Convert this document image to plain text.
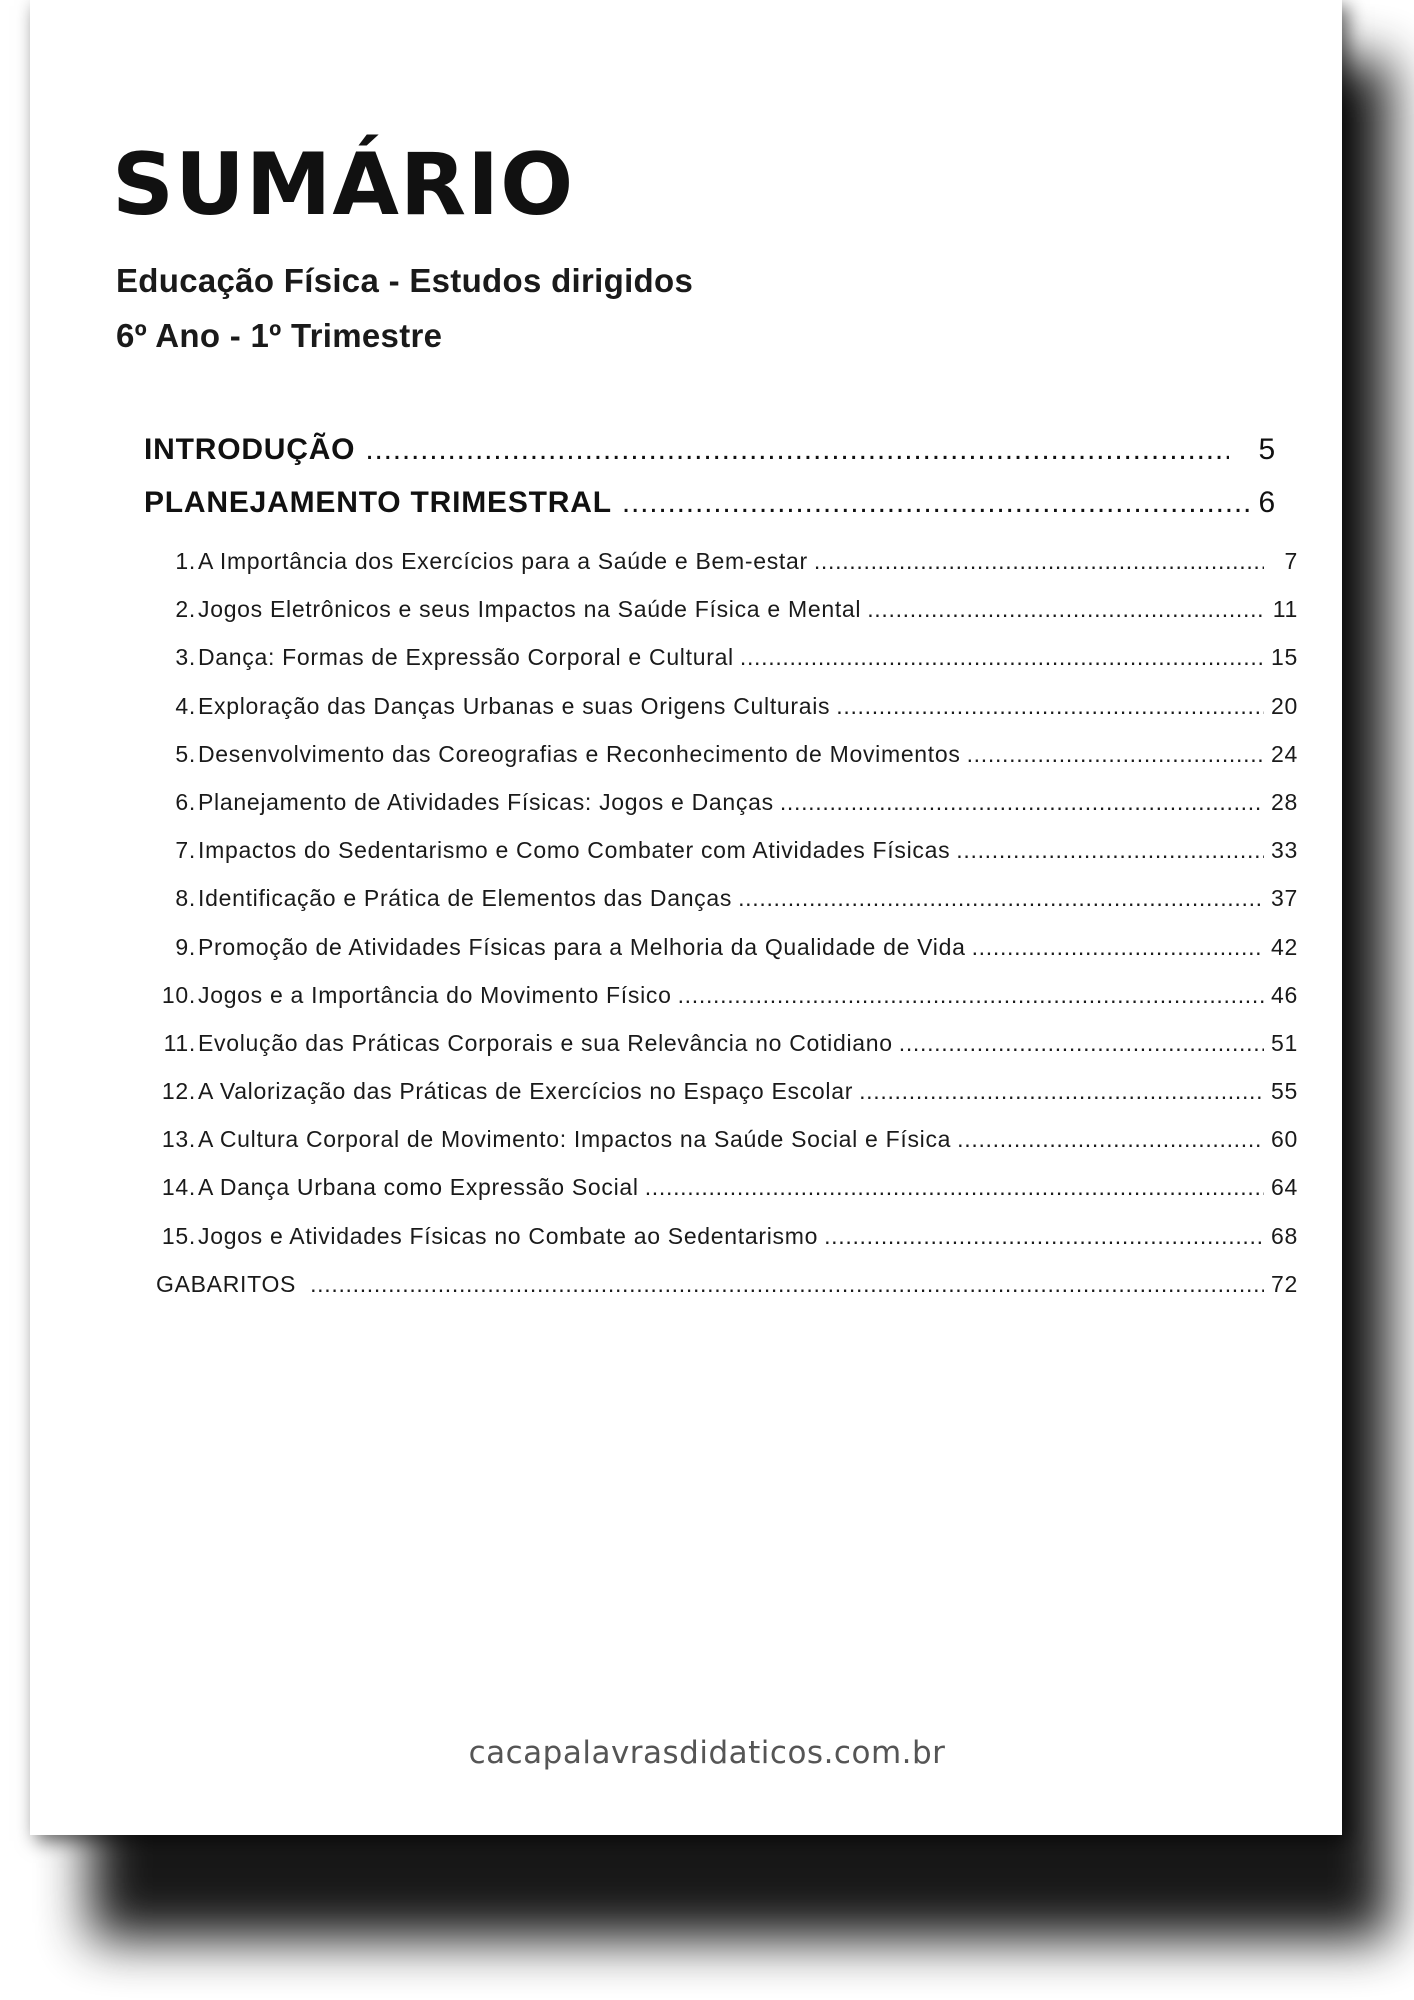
SUMÁRIO
Educação Física - Estudos dirigidos
6º Ano - 1º Trimestre
INTRODUÇÃO .....	5
PLANEJAMENTO TRIMESTRAL .....	6
1. A Importância dos Exercícios para a Saúde e Bem-estar .....	7
2. Jogos Eletrônicos e seus Impactos na Saúde Física e Mental .....	11
3. Dança: Formas de Expressão Corporal e Cultural .....	15
4. Exploração das Danças Urbanas e suas Origens Culturais .....	20
5. Desenvolvimento das Coreografias e Reconhecimento de Movimentos .....	24
6. Planejamento de Atividades Físicas: Jogos e Danças .....	28
7. Impactos do Sedentarismo e Como Combater com Atividades Físicas .....	33
8. Identificação e Prática de Elementos das Danças .....	37
9. Promoção de Atividades Físicas para a Melhoria da Qualidade de Vida .....	42
10. Jogos e a Importância do Movimento Físico .....	46
11. Evolução das Práticas Corporais e sua Relevância no Cotidiano .....	51
12. A Valorização das Práticas de Exercícios no Espaço Escolar .....	55
13. A Cultura Corporal de Movimento: Impactos na Saúde Social e Física .....	60
14. A Dança Urbana como Expressão Social .....	64
15. Jogos e Atividades Físicas no Combate ao Sedentarismo .....	68
GABARITOS .....	72
cacapalavrasdidaticos.com.br
